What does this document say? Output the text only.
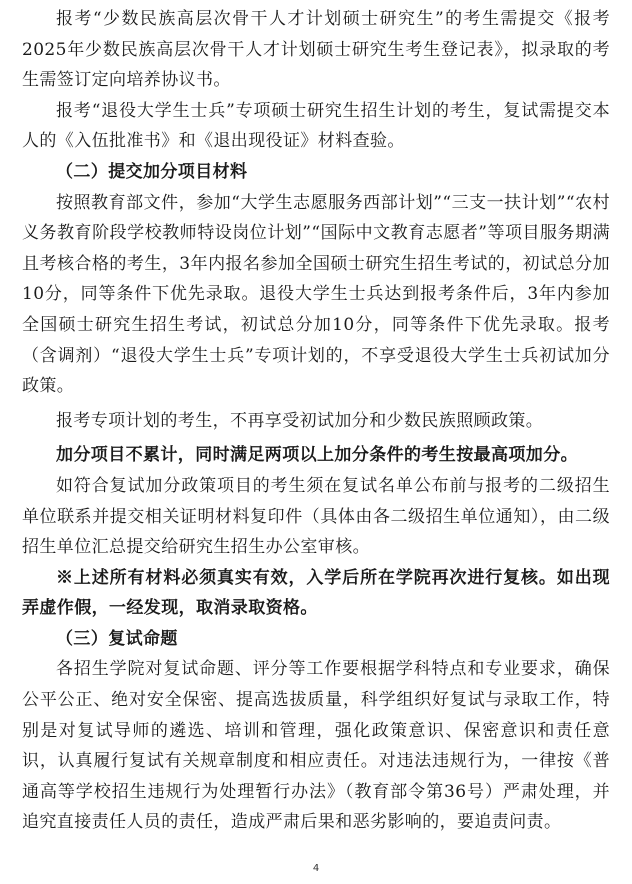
报考“少数民族高层次骨干人才计划硕士研究生”的考生需提交《报考2025年少数民族高层次骨干人才计划硕士研究生考生登记表》，拟录取的考生需签订定向培养协议书。

报考“退役大学生士兵”专项硕士研究生招生计划的考生，复试需提交本人的《入伍批准书》和《退出现役证》材料查验。

（二）提交加分项目材料

按照教育部文件，参加“大学生志愿服务西部计划”“三支一扶计划”“农村义务教育阶段学校教师特设岗位计划”“国际中文教育志愿者”等项目服务期满且考核合格的考生，3年内报名参加全国硕士研究生招生考试的，初试总分加10分，同等条件下优先录取。退役大学生士兵达到报考条件后，3年内参加全国硕士研究生招生考试，初试总分加10分，同等条件下优先录取。报考（含调剂）“退役大学生士兵”专项计划的，不享受退役大学生士兵初试加分政策。

报考专项计划的考生，不再享受初试加分和少数民族照顾政策。

加分项目不累计，同时满足两项以上加分条件的考生按最高项加分。

如符合复试加分政策项目的考生须在复试名单公布前与报考的二级招生单位联系并提交相关证明材料复印件（具体由各二级招生单位通知），由二级招生单位汇总提交给研究生招生办公室审核。

※上述所有材料必须真实有效，入学后所在学院再次进行复核。如出现弄虚作假，一经发现，取消录取资格。

（三）复试命题

各招生学院对复试命题、评分等工作要根据学科特点和专业要求，确保公平公正、绝对安全保密、提高选拔质量，科学组织好复试与录取工作，特别是对复试导师的遴选、培训和管理，强化政策意识、保密意识和责任意识，认真履行复试有关规章制度和相应责任。对违法违规行为，一律按《普通高等学校招生违规行为处理暂行办法》（教育部令第36号）严肃处理，并追究直接责任人员的责任，造成严肃后果和恶劣影响的，要追责问责。

4
